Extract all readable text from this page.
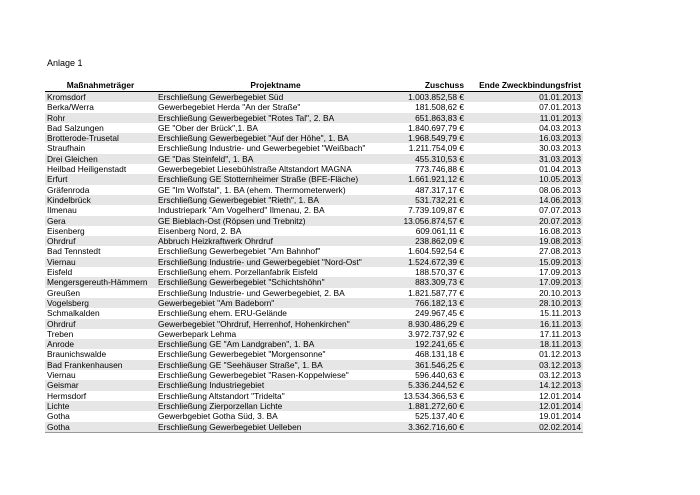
Anlage 1
Maßnahmeträger	Projektname	Zuschuss	Ende Zweckbindungsfrist
Kromsdorf	Erschließung Gewerbegebiet Süd	1.003.852,58 €	01.01.2013
Berka/Werra	Gewerbegebiet Herda "An der Straße"	181.508,62 €	07.01.2013
Rohr	Erschließung Gewerbegebiet "Rotes Tal", 2. BA	651.863,83 €	11.01.2013
Bad Salzungen	GE "Ober der Brück",1. BA	1.840.697,79 €	04.03.2013
Brotterode-Trusetal	Erschließung Gewerbegebiet "Auf der Höhe", 1. BA	1.968.549,79 €	16.03.2013
Straufhain	Erschließung Industrie- und Gewerbegebiet "Weißbach"	1.211.754,09 €	30.03.2013
Drei Gleichen	GE "Das Steinfeld", 1. BA	455.310,53 €	31.03.2013
Heilbad Heiligenstadt	Gewerbegebiet Liesebühlstraße Altstandort MAGNA	773.746,88 €	01.04.2013
Erfurt	Erschließung GE Stotternheimer Straße (BFE-Fläche)	1.661.921,12 €	10.05.2013
Gräfenroda	GE "Im Wolfstal", 1. BA (ehem. Thermometerwerk)	487.317,17 €	08.06.2013
Kindelbrück	Erschließung Gewerbegebiet "Rieth", 1. BA	531.732,21 €	14.06.2013
Ilmenau	Industriepark "Am Vogelherd" Ilmenau, 2. BA	7.739.109,87 €	07.07.2013
Gera	GE Bieblach-Ost (Röpsen und Trebnitz)	13.056.874,57 €	20.07.2013
Eisenberg	Eisenberg Nord, 2. BA	609.061,11 €	16.08.2013
Ohrdruf	Abbruch Heizkraftwerk Ohrdruf	238.862,09 €	19.08.2013
Bad Tennstedt	Erschließung Gewerbegebiet "Am Bahnhof"	1.604.592,54 €	27.08.2013
Viernau	Erschließung Industrie- und Gewerbegebiet "Nord-Ost"	1.524.672,39 €	15.09.2013
Eisfeld	Erschließung ehem. Porzellanfabrik Eisfeld	188.570,37 €	17.09.2013
Mengersgereuth-Hämmern	Erschließung Gewerbegebiet "Schichtshöhn"	883.309,73 €	17.09.2013
Greußen	Erschließung Industrie- und Gewerbegebiet, 2. BA	1.821.587,77 €	20.10.2013
Vogelsberg	Gewerbegebiet "Am Badeborn"	766.182,13 €	28.10.2013
Schmalkalden	Erschließung ehem. ERU-Gelände	249.967,45 €	15.11.2013
Ohrdruf	Gewerbegebiet "Ohrdruf, Herrenhof, Hohenkirchen"	8.930.486,29 €	16.11.2013
Treben	Gewerbepark Lehma	3.972.737,92 €	17.11.2013
Anrode	Erschließung GE "Am Landgraben", 1. BA	192.241,65 €	18.11.2013
Braunichswalde	Erschließung Gewerbegebiet "Morgensonne"	468.131,18 €	01.12.2013
Bad Frankenhausen	Erschließung GE "Seehäuser Straße", 1. BA	361.546,25 €	03.12.2013
Viernau	Erschließung Gewerbegebiet "Rasen-Koppelwiese"	596.440,63 €	03.12.2013
Geismar	Erschließung Industriegebiet	5.336.244,52 €	14.12.2013
Hermsdorf	Erschließung Altstandort "Tridelta"	13.534.366,53 €	12.01.2014
Lichte	Erschließung Zierporzellan Lichte	1.881.272,60 €	12.01.2014
Gotha	Gewerbgebiet Gotha Süd, 3. BA	525.137,40 €	19.01.2014
Gotha	Erschließung Gewerbegebiet Uelleben	3.362.716,60 €	02.02.2014
